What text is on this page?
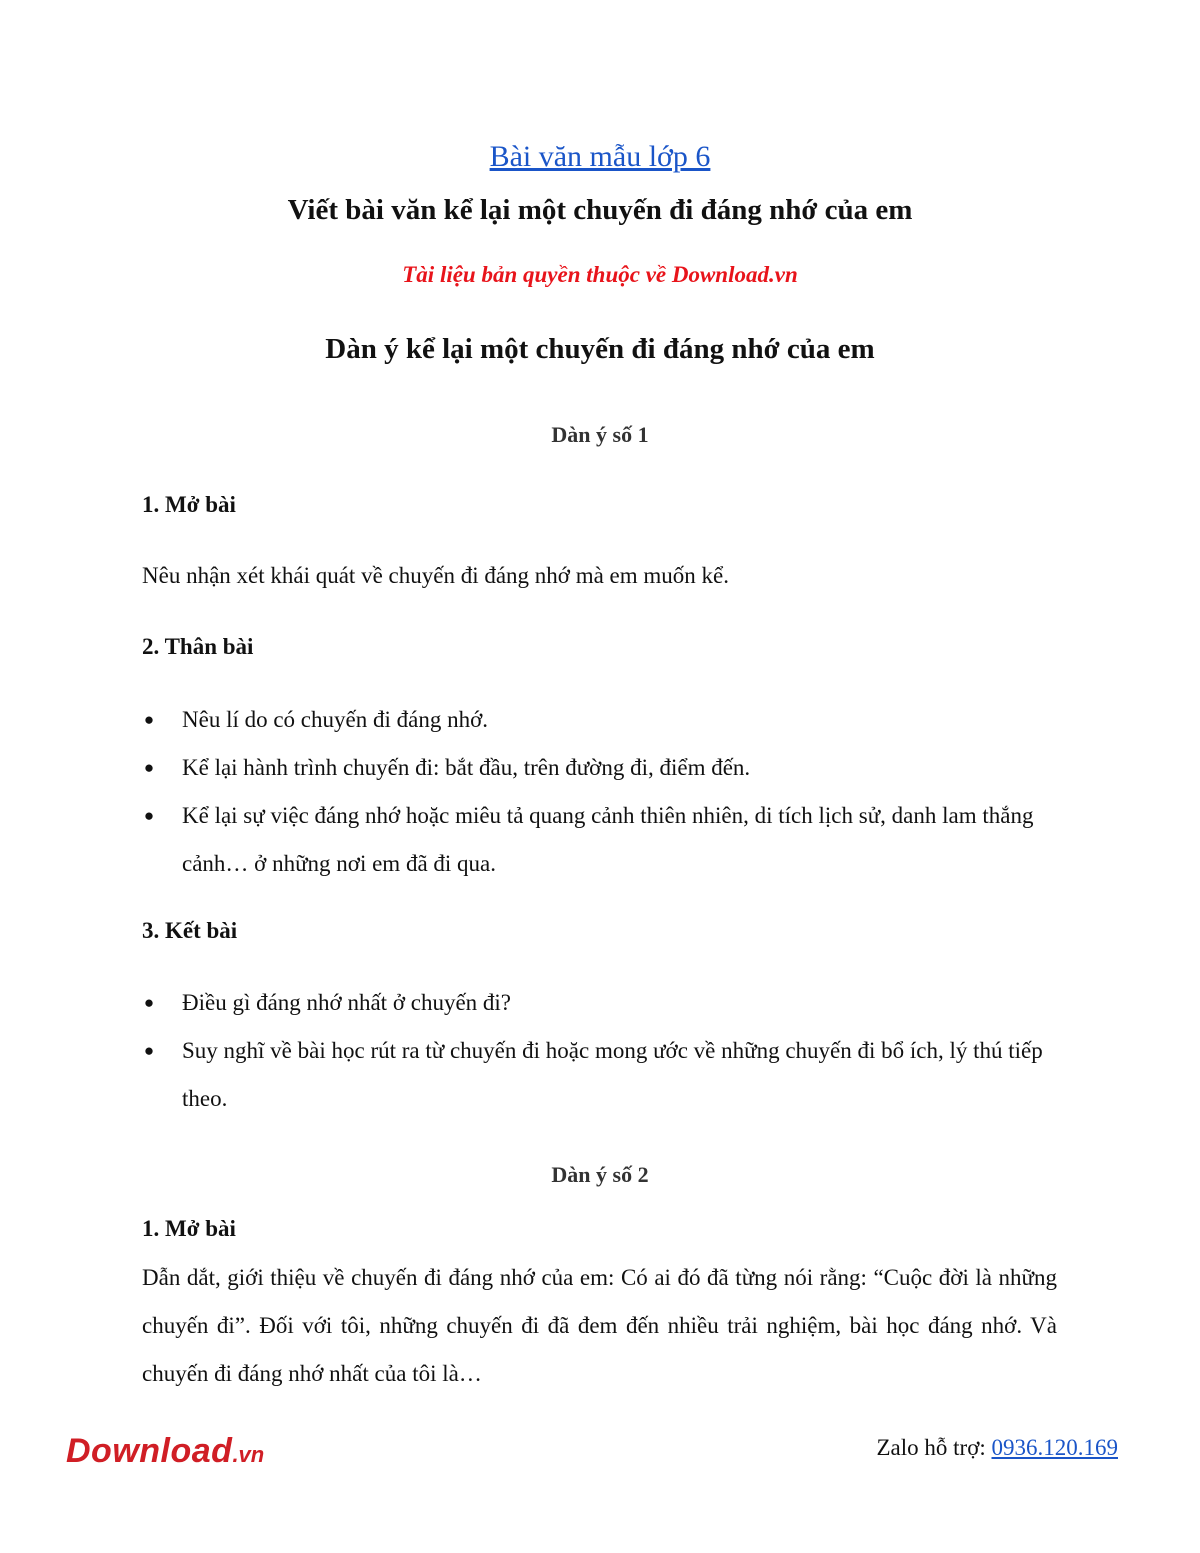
Bài văn mẫu lớp 6
Viết bài văn kể lại một chuyến đi đáng nhớ của em
Tài liệu bản quyền thuộc về Download.vn
Dàn ý kể lại một chuyến đi đáng nhớ của em
Dàn ý số 1
1. Mở bài
Nêu nhận xét khái quát về chuyến đi đáng nhớ mà em muốn kể.
2. Thân bài
● Nêu lí do có chuyến đi đáng nhớ.
● Kể lại hành trình chuyến đi: bắt đầu, trên đường đi, điểm đến.
● Kể lại sự việc đáng nhớ hoặc miêu tả quang cảnh thiên nhiên, di tích lịch sử, danh lam thắng cảnh… ở những nơi em đã đi qua.
3. Kết bài
● Điều gì đáng nhớ nhất ở chuyến đi?
● Suy nghĩ về bài học rút ra từ chuyến đi hoặc mong ước về những chuyến đi bổ ích, lý thú tiếp theo.
Dàn ý số 2
1. Mở bài
Dẫn dắt, giới thiệu về chuyến đi đáng nhớ của em: Có ai đó đã từng nói rằng: “Cuộc đời là những chuyến đi”. Đối với tôi, những chuyến đi đã đem đến nhiều trải nghiệm, bài học đáng nhớ. Và chuyến đi đáng nhớ nhất của tôi là…
Download.vn	Zalo hỗ trợ: 0936.120.169
